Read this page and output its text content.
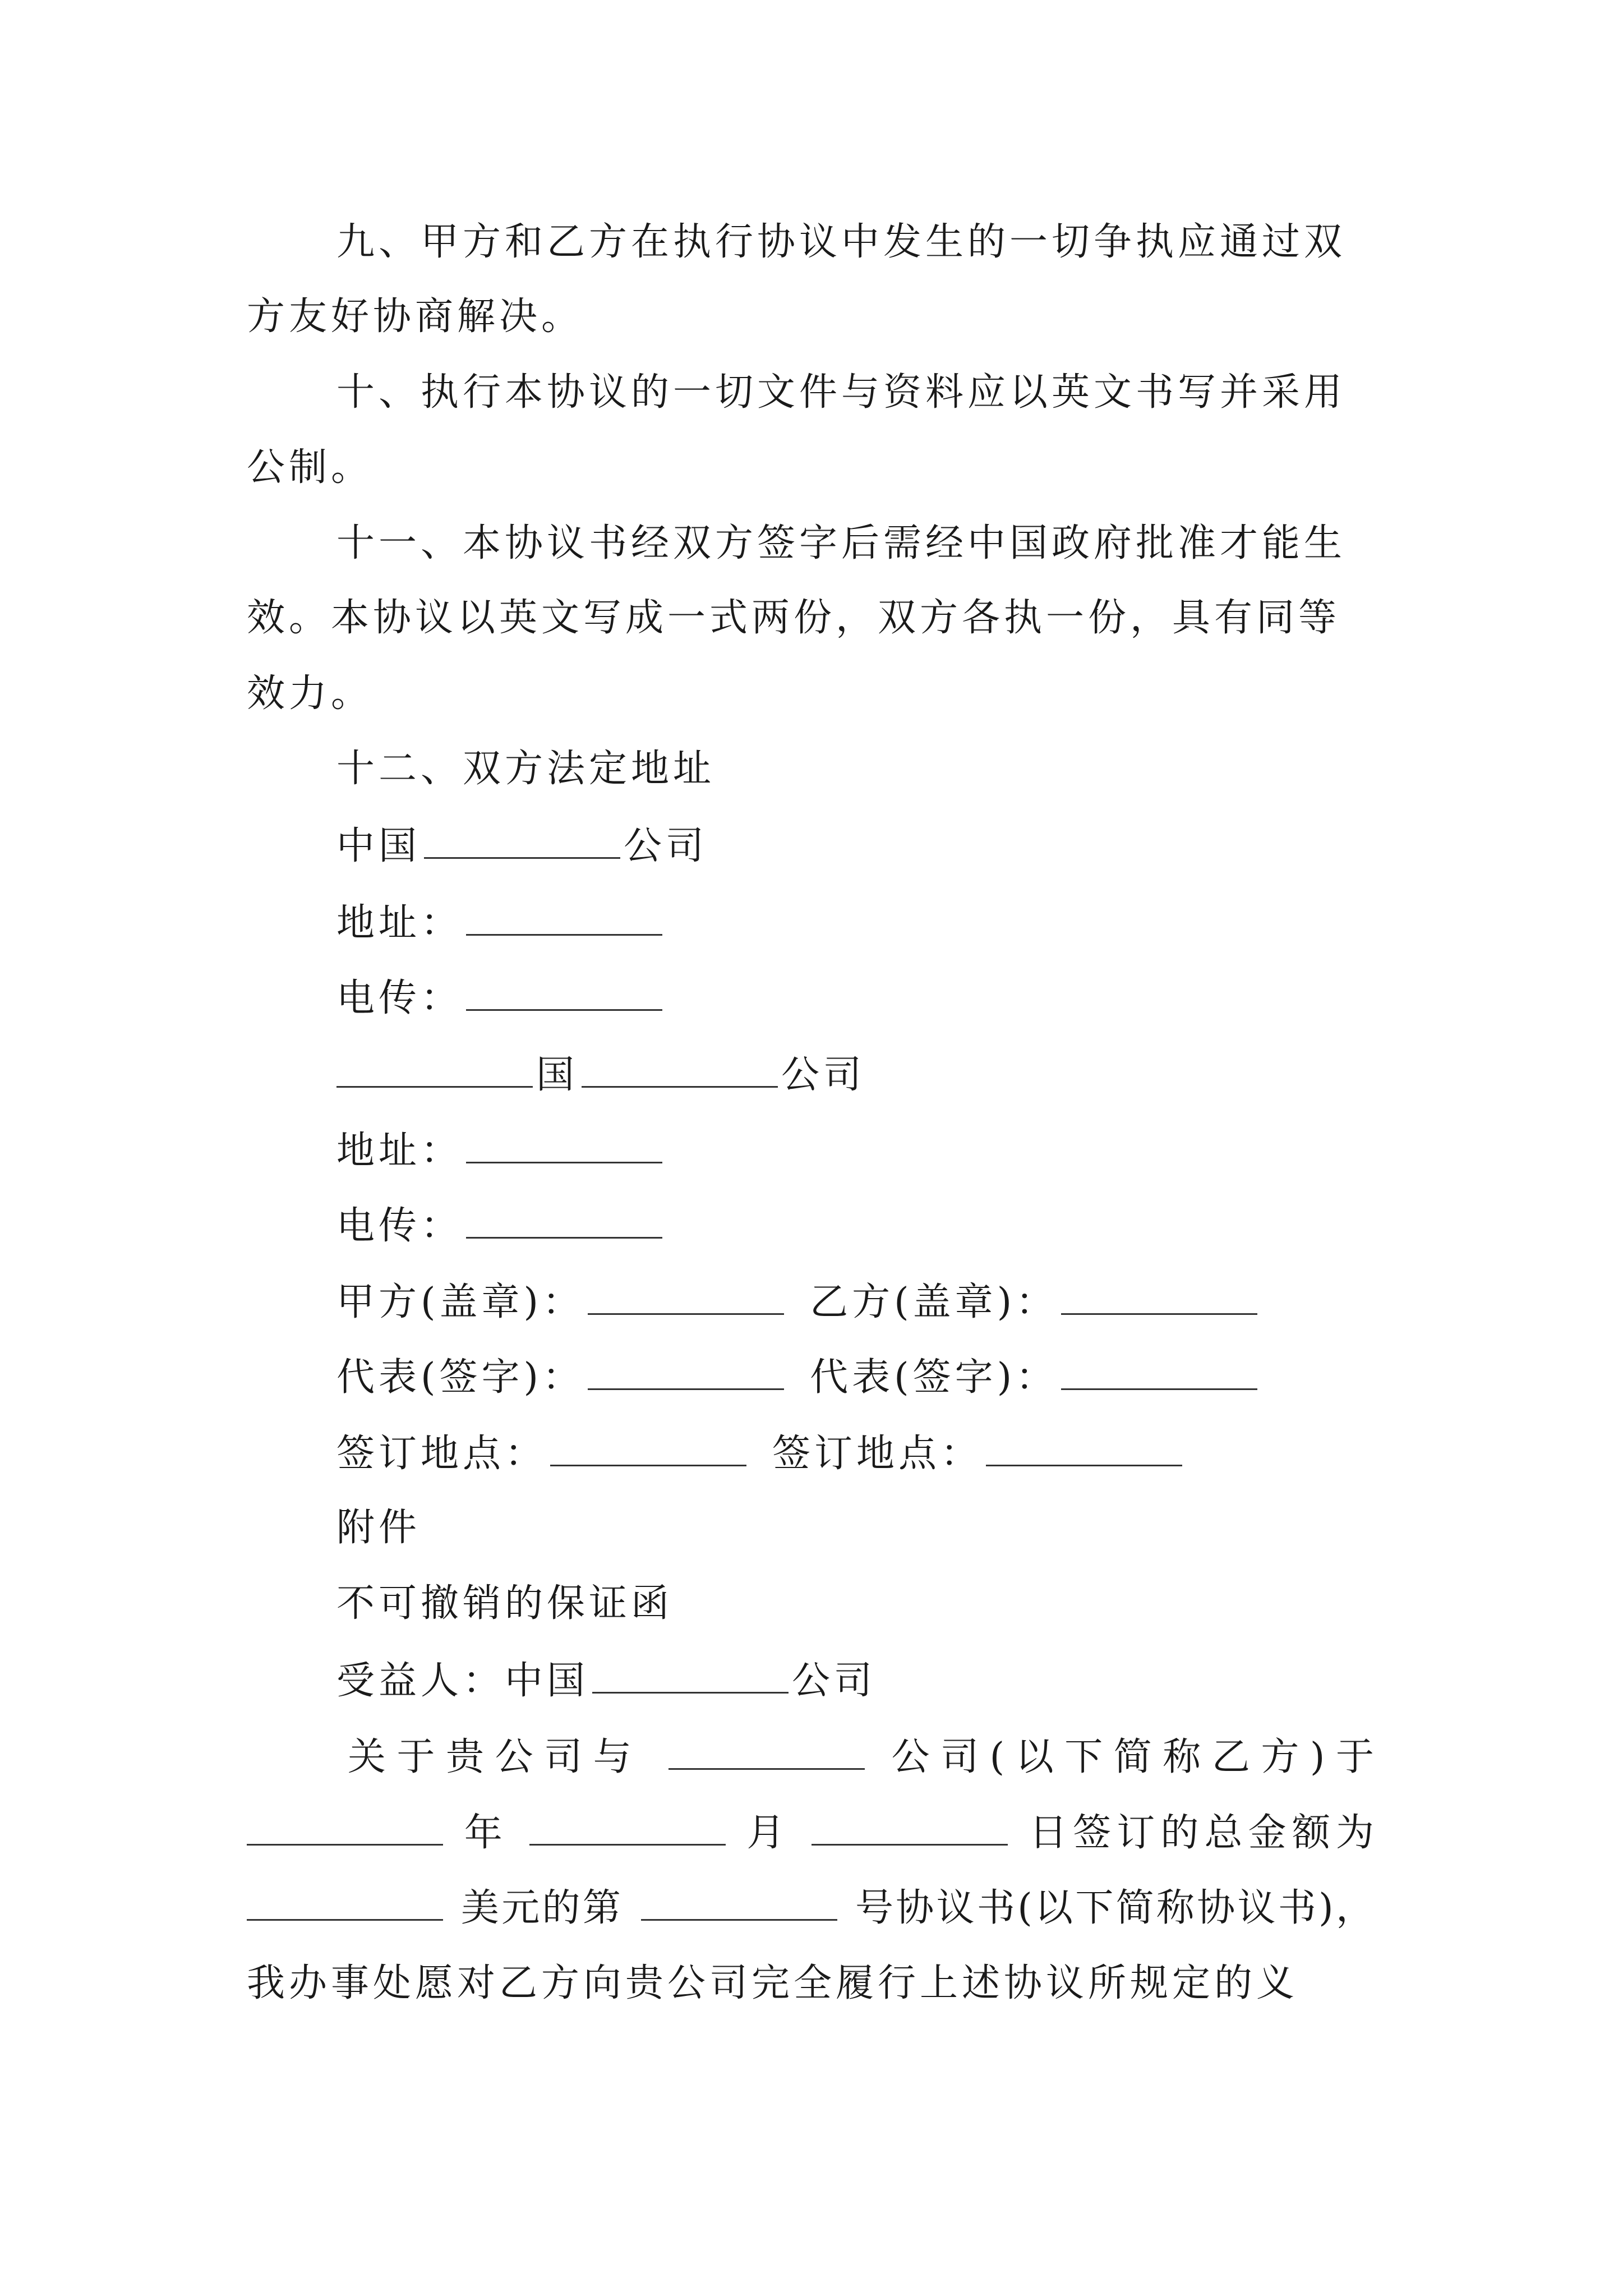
九、甲方和乙方在执行协议中发生的一切争执应通过双
方友好协商解决。
十、执行本协议的一切文件与资料应以英文书写并采用
公制。
十一、本协议书经双方签字后需经中国政府批准才能生
效。本协议以英文写成一式两份，双方各执一份，具有同等
效力。
十二、双方法定地址
中国	公司
地址：
电传：
国	公司
地址：
电传：
甲方(盖章)：	乙方(盖章)：
代表(签字)：	代表(签字)：
签订地点：	签订地点：
附件
不可撤销的保证函
受益人：中国	公司
关于贵公司与	公司(以下简称乙方)于
年	月	日签订的总金额为
美元的第	号协议书(以下简称协议书)，
我办事处愿对乙方向贵公司完全履行上述协议所规定的义
